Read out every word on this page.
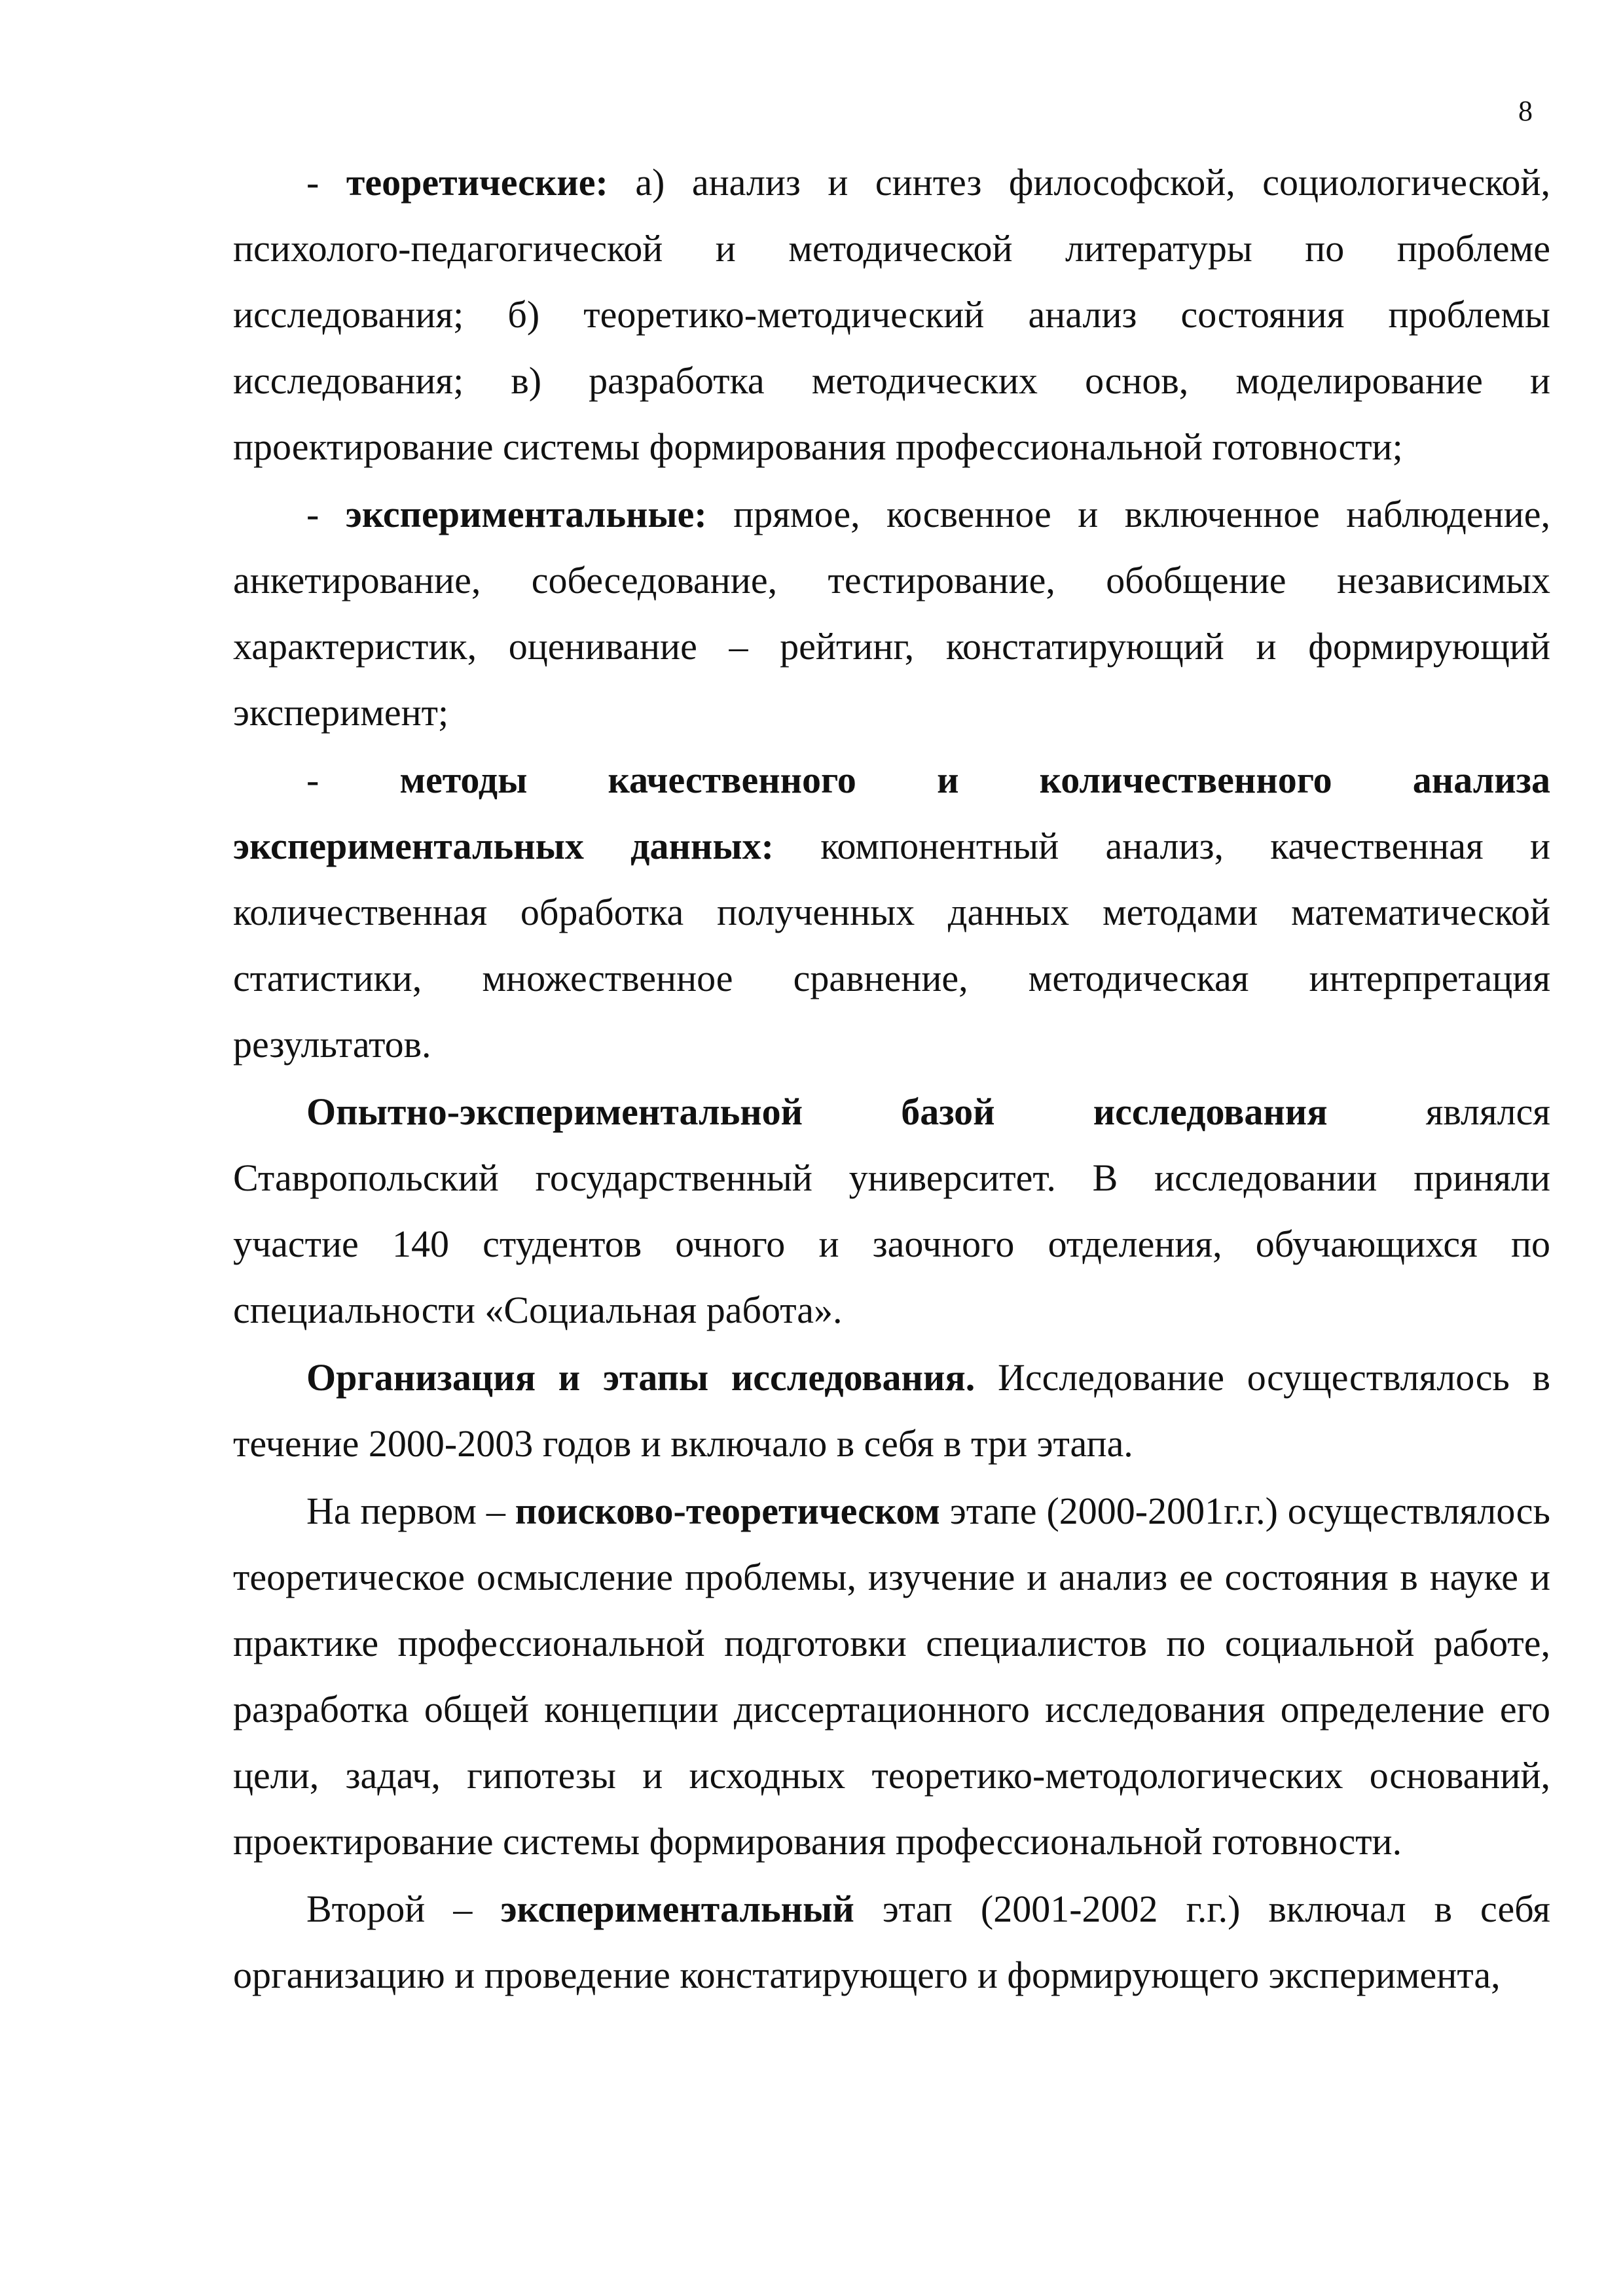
8

- теоретические: а) анализ и синтез философской, социологической, психолого-педагогической и методической литературы по проблеме исследования; б) теоретико-методический анализ состояния проблемы исследования; в) разработка методических основ, моделирование и проектирование системы формирования профессиональной готовности;

- экспериментальные: прямое, косвенное и включенное наблюдение, анкетирование, собеседование, тестирование, обобщение независимых характеристик, оценивание – рейтинг, констатирующий и формирующий эксперимент;

- методы качественного и количественного анализа экспериментальных данных: компонентный анализ, качественная и количественная обработка полученных данных методами математической статистики, множественное сравнение, методическая интерпретация результатов.

Опытно-экспериментальной базой исследования являлся Ставропольский государственный университет. В исследовании приняли участие 140 студентов очного и заочного отделения, обучающихся по специальности «Социальная работа».

Организация и этапы исследования. Исследование осуществлялось в течение 2000-2003 годов и включало в себя в три этапа.

На первом – поисково-теоретическом этапе (2000-2001г.г.) осуществлялось теоретическое осмысление проблемы, изучение и анализ ее состояния в науке и практике профессиональной подготовки специалистов по социальной работе, разработка общей концепции диссертационного исследования определение его цели, задач, гипотезы и исходных теоретико-методологических оснований, проектирование системы формирования профессиональной готовности.

Второй – экспериментальный этап (2001-2002 г.г.) включал в себя организацию и проведение констатирующего и формирующего эксперимента,
